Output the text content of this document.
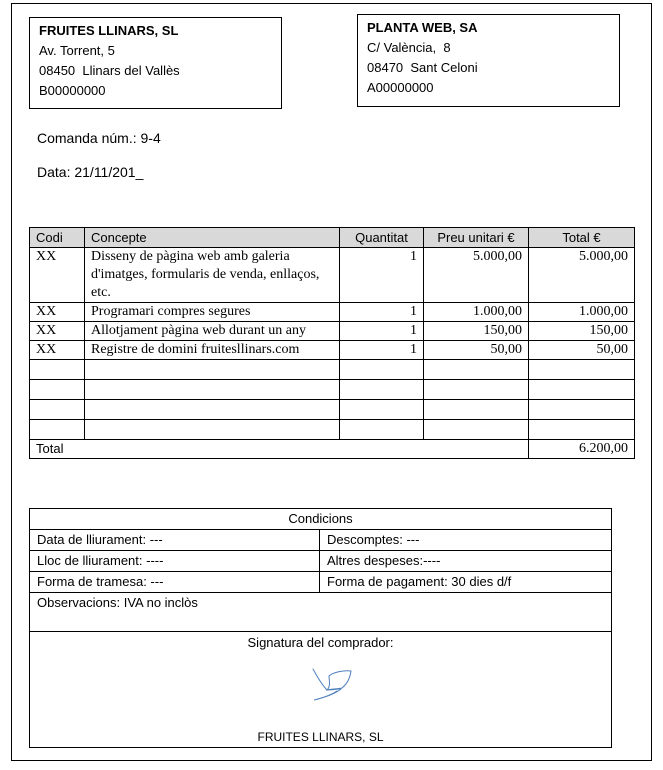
FRUITES LLINARS, SL
Av. Torrent, 5
08450  Llinars del Vallès
B00000000
PLANTA WEB, SA
C/ València,  8
08470  Sant Celoni
A00000000
Comanda núm.: 9-4
Data: 21/11/201_
Codi	Concepte	Quantitat	Preu unitari €	Total €
XX	Disseny de pàgina web amb galeria d'imatges, formularis de venda, enllaços, etc.	1	5.000,00	5.000,00
XX	Programari compres segures	1	1.000,00	1.000,00
XX	Allotjament pàgina web durant un any	1	150,00	150,00
XX	Registre de domini fruitesllinars.com	1	50,00	50,00

Total				6.200,00
Condicions	
Data de lliurament: ---	Descomptes: ---
Lloc de lliurament: ----	Altres despeses:----
Forma de tramesa: ---	Forma de pagament: 30 dies d/f
Observacions: IVA no inclòs	

Signatura del comprador:
FRUITES LLINARS, SL	
